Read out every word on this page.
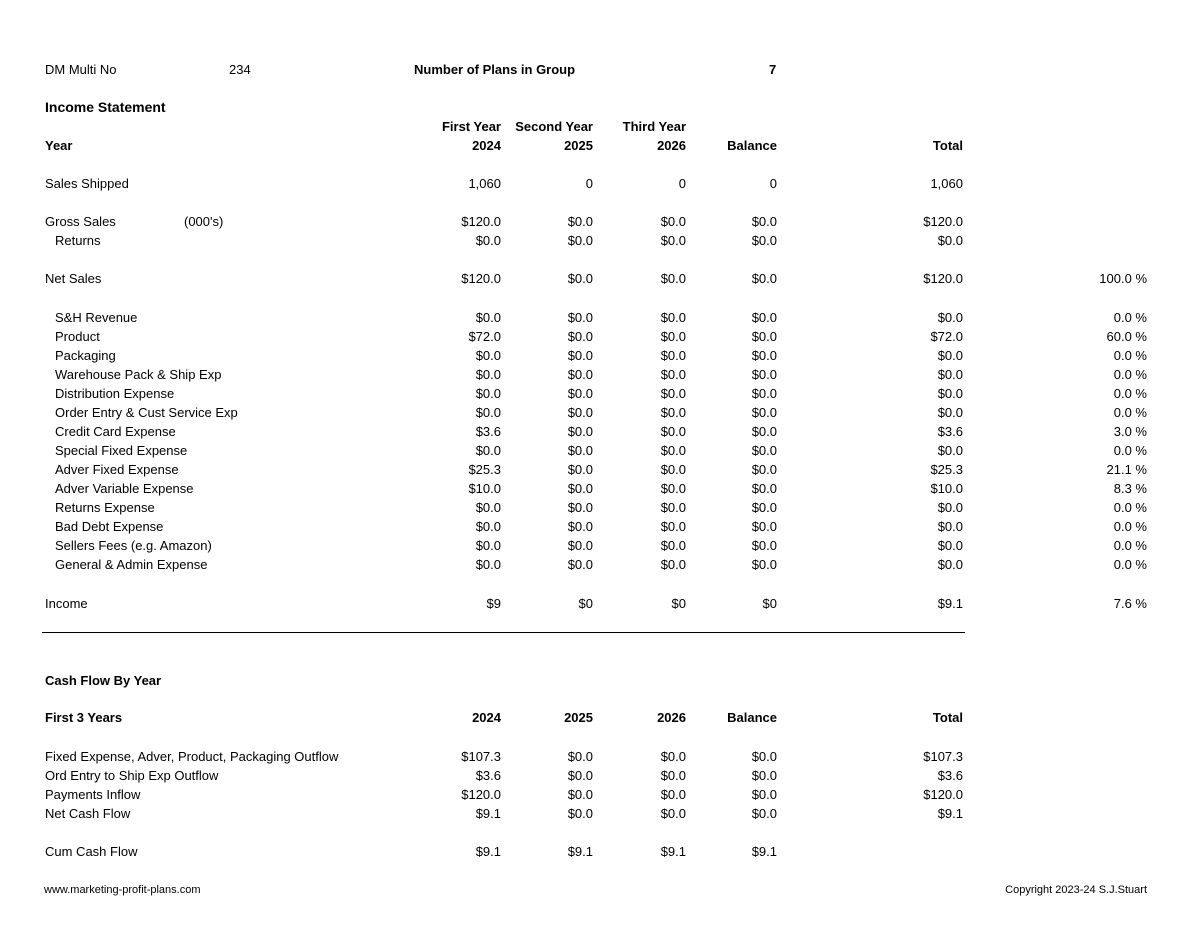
DM Multi No	234	Number of Plans in Group	7
Income Statement
First Year Second Year Third Year
Year	2024	2025	2026	Balance	Total
Sales Shipped	1,060	0	0	0	1,060
Gross Sales	(000's)	$120.0	$0.0	$0.0	$0.0	$120.0
Returns	$0.0	$0.0	$0.0	$0.0	$0.0
Net Sales	$120.0	$0.0	$0.0	$0.0	$120.0	100.0 %
S&H Revenue	$0.0	$0.0	$0.0	$0.0	$0.0	0.0 %
Product	$72.0	$0.0	$0.0	$0.0	$72.0	60.0 %
Packaging	$0.0	$0.0	$0.0	$0.0	$0.0	0.0 %
Warehouse Pack & Ship Exp	$0.0	$0.0	$0.0	$0.0	$0.0	0.0 %
Distribution Expense	$0.0	$0.0	$0.0	$0.0	$0.0	0.0 %
Order Entry & Cust Service Exp	$0.0	$0.0	$0.0	$0.0	$0.0	0.0 %
Credit Card Expense	$3.6	$0.0	$0.0	$0.0	$3.6	3.0 %
Special Fixed Expense	$0.0	$0.0	$0.0	$0.0	$0.0	0.0 %
Adver Fixed Expense	$25.3	$0.0	$0.0	$0.0	$25.3	21.1 %
Adver Variable Expense	$10.0	$0.0	$0.0	$0.0	$10.0	8.3 %
Returns Expense	$0.0	$0.0	$0.0	$0.0	$0.0	0.0 %
Bad Debt Expense	$0.0	$0.0	$0.0	$0.0	$0.0	0.0 %
Sellers Fees (e.g. Amazon)	$0.0	$0.0	$0.0	$0.0	$0.0	0.0 %
General & Admin Expense	$0.0	$0.0	$0.0	$0.0	$0.0	0.0 %
Income	$9	$0	$0	$0	$9.1	7.6 %
Cash Flow By Year
First 3 Years	2024	2025	2026	Balance	Total
Fixed Expense, Adver, Product, Packaging Outflow	$107.3	$0.0	$0.0	$0.0	$107.3
Ord Entry to Ship Exp Outflow	$3.6	$0.0	$0.0	$0.0	$3.6
Payments Inflow	$120.0	$0.0	$0.0	$0.0	$120.0
Net Cash Flow	$9.1	$0.0	$0.0	$0.0	$9.1
Cum Cash Flow	$9.1	$9.1	$9.1	$9.1
www.marketing-profit-plans.com	Copyright 2023-24 S.J.Stuart
